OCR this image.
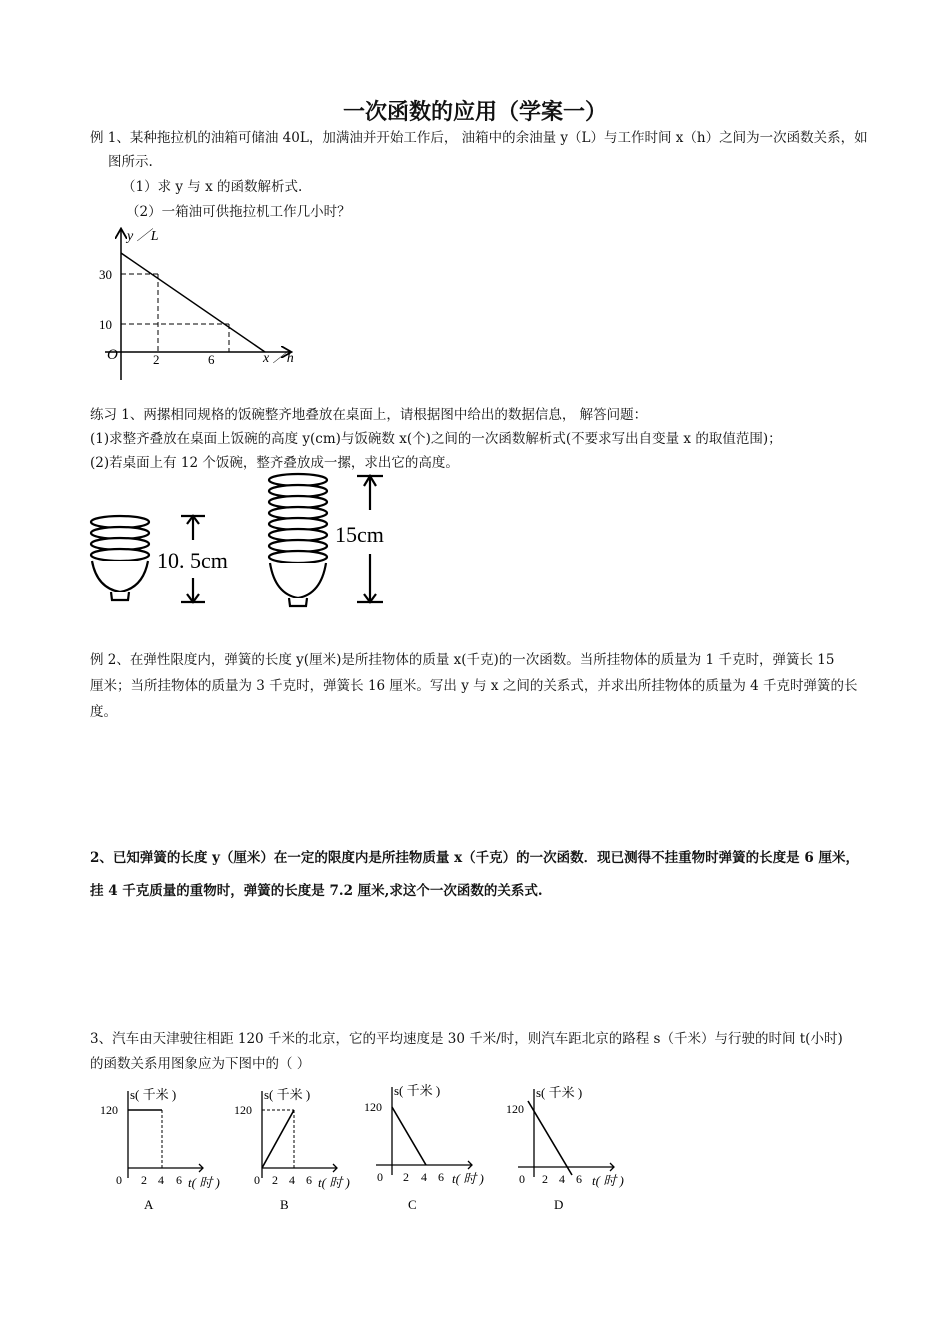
一次函数的应用（学案一）
例 1、某种拖拉机的油箱可储油 40L，加满油并开始工作后， 油箱中的余油量 y（L）与工作时间 x（h）之间为一次函数关系，如
图所示.
（1）求 y 与 x 的函数解析式.
（2）一箱油可供拖拉机工作几小时？
y ／L
30
10
O	2	6	x ／h
练习 1、两摞相同规格的饭碗整齐地叠放在桌面上，请根据图中给出的数据信息， 解答问题：
(1)求整齐叠放在桌面上饭碗的高度 y(cm)与饭碗数 x(个)之间的一次函数解析式(不要求写出自变量 x 的取值范围)；
(2)若桌面上有 12 个饭碗，整齐叠放成一摞，求出它的高度。
10. 5cm
15cm
例 2、在弹性限度内，弹簧的长度 y(厘米)是所挂物体的质量 x(千克)的一次函数。当所挂物体的质量为 1 千克时，弹簧长 15
厘米；当所挂物体的质量为 3 千克时，弹簧长 16 厘米。写出 y 与 x 之间的关系式，并求出所挂物体的质量为 4 千克时弹簧的长
度。
2、已知弹簧的长度 y（厘米）在一定的限度内是所挂物质量 x（千克）的一次函数．现已测得不挂重物时弹簧的长度是 6 厘米，
挂 4 千克质量的重物时，弹簧的长度是 7.2 厘米,求这个一次函数的关系式.
3、汽车由天津驶往相距 120 千米的北京，它的平均速度是 30 千米/时，则汽车距北京的路程 s（千米）与行驶的时间 t(小时)
的函数关系用图象应为下图中的（ ）
s( 千米 )
120
0 2 4 6 t( 时 )
A
s( 千米 )
120
0 2 4 6 t( 时 )
B
s( 千米 )
120
0 2 4 6 t( 时 )
C
s( 千米 )
120
0 2 4 6 t( 时 )
D
